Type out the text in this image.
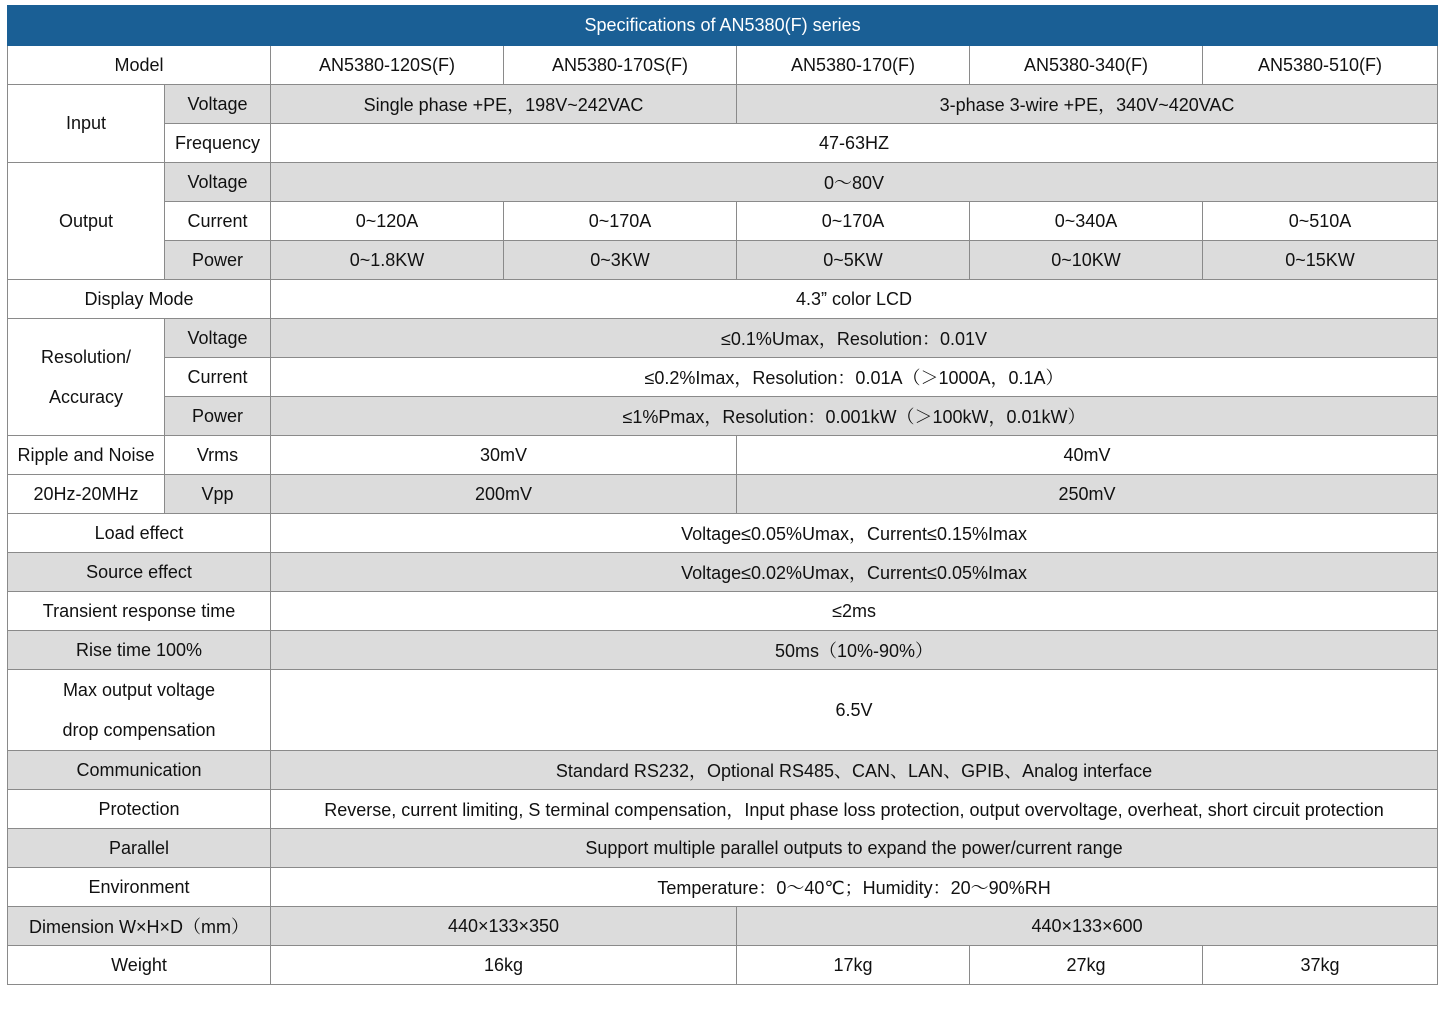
Specifications of AN5380(F) series						
Model		AN5380-120S(F)	AN5380-170S(F)	AN5380-170(F)	AN5380-340(F)	AN5380-510(F)
Input	Voltage	Single phase +PE，198V~242VAC		3-phase 3-wire +PE，340V~420VAC		
	Frequency	47-63HZ				
Output	Voltage	0～80V				
	Current	0~120A	0~170A	0~170A	0~340A	0~510A
	Power	0~1.8KW	0~3KW	0~5KW	0~10KW	0~15KW
Display Mode		4.3” color LCD				

Resolution/
Accuracy	Voltage	≤0.1%Umax，Resolution：0.01V				
	Current	≤0.2%Imax，Resolution：0.01A（＞1000A，0.1A）				
	Power	≤1%Pmax，Resolution：0.001kW（＞100kW，0.01kW）				
Ripple and Noise	Vrms	30mV		40mV		
20Hz-20MHz	Vpp	200mV		250mV		
Load effect		Voltage≤0.05%Umax，Current≤0.15%Imax				
Source effect		Voltage≤0.02%Umax，Current≤0.05%Imax				
Transient response time		≤2ms				
Rise time 100%		50ms（10%-90%）				

Max output voltage
drop compensation		6.5V				
Communication		Standard RS232，Optional RS485、CAN、LAN、GPIB、Analog interface				
Protection		Reverse, current limiting, S terminal compensation，Input phase loss protection, output overvoltage, overheat, short circuit protection				
Parallel		Support multiple parallel outputs to expand the power/current range				
Environment		Temperature：0～40℃；Humidity：20～90%RH				
Dimension W×H×D（mm）		440×133×350		440×133×600		
Weight		16kg		17kg	27kg	37kg
